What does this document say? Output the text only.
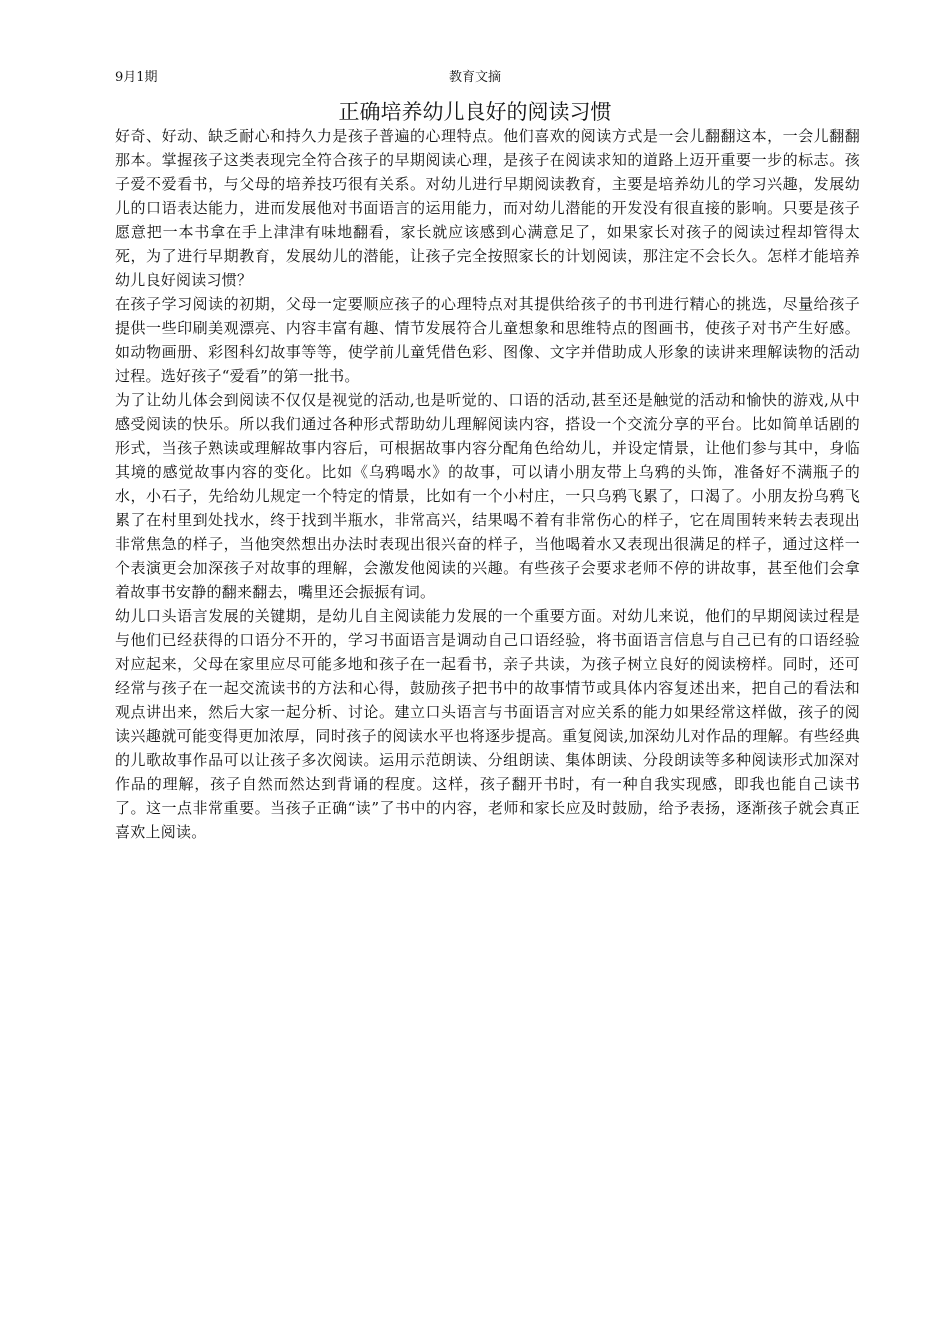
9月1期	教育文摘
正确培养幼儿良好的阅读习惯

好奇、好动、缺乏耐心和持久力是孩子普遍的心理特点。他们喜欢的阅读方式是一会儿翻翻这本，一会儿翻翻那本。掌握孩子这类表现完全符合孩子的早期阅读心理，是孩子在阅读求知的道路上迈开重要一步的标志。孩子爱不爱看书，与父母的培养技巧很有关系。对幼儿进行早期阅读教育，主要是培养幼儿的学习兴趣，发展幼儿的口语表达能力，进而发展他对书面语言的运用能力，而对幼儿潜能的开发没有很直接的影响。只要是孩子愿意把一本书拿在手上津津有味地翻看，家长就应该感到心满意足了，如果家长对孩子的阅读过程却管得太死，为了进行早期教育，发展幼儿的潜能，让孩子完全按照家长的计划阅读，那注定不会长久。怎样才能培养幼儿良好阅读习惯？

在孩子学习阅读的初期，父母一定要顺应孩子的心理特点对其提供给孩子的书刊进行精心的挑选，尽量给孩子提供一些印刷美观漂亮、内容丰富有趣、情节发展符合儿童想象和思维特点的图画书，使孩子对书产生好感。如动物画册、彩图科幻故事等等，使学前儿童凭借色彩、图像、文字并借助成人形象的读讲来理解读物的活动过程。选好孩子“爱看”的第一批书。

为了让幼儿体会到阅读不仅仅是视觉的活动,也是听觉的、口语的活动,甚至还是触觉的活动和愉快的游戏,从中感受阅读的快乐。所以我们通过各种形式帮助幼儿理解阅读内容，搭设一个交流分享的平台。比如简单话剧的形式，当孩子熟读或理解故事内容后，可根据故事内容分配角色给幼儿，并设定情景，让他们参与其中，身临其境的感觉故事内容的变化。比如《乌鸦喝水》的故事，可以请小朋友带上乌鸦的头饰，准备好不满瓶子的水，小石子，先给幼儿规定一个特定的情景，比如有一个小村庄，一只乌鸦飞累了，口渴了。小朋友扮乌鸦飞累了在村里到处找水，终于找到半瓶水，非常高兴，结果喝不着有非常伤心的样子，它在周围转来转去表现出非常焦急的样子，当他突然想出办法时表现出很兴奋的样子，当他喝着水又表现出很满足的样子，通过这样一个表演更会加深孩子对故事的理解，会激发他阅读的兴趣。有些孩子会要求老师不停的讲故事，甚至他们会拿着故事书安静的翻来翻去，嘴里还会振振有词。

幼儿口头语言发展的关键期，是幼儿自主阅读能力发展的一个重要方面。对幼儿来说，他们的早期阅读过程是与他们已经获得的口语分不开的，学习书面语言是调动自己口语经验，将书面语言信息与自己已有的口语经验对应起来，父母在家里应尽可能多地和孩子在一起看书，亲子共读，为孩子树立良好的阅读榜样。同时，还可经常与孩子在一起交流读书的方法和心得，鼓励孩子把书中的故事情节或具体内容复述出来，把自己的看法和观点讲出来，然后大家一起分析、讨论。建立口头语言与书面语言对应关系的能力如果经常这样做，孩子的阅读兴趣就可能变得更加浓厚，同时孩子的阅读水平也将逐步提高。重复阅读,加深幼儿对作品的理解。有些经典的儿歌故事作品可以让孩子多次阅读。运用示范朗读、分组朗读、集体朗读、分段朗读等多种阅读形式加深对作品的理解，孩子自然而然达到背诵的程度。这样，孩子翻开书时，有一种自我实现感，即我也能自己读书了。这一点非常重要。当孩子正确“读”了书中的内容，老师和家长应及时鼓励，给予表扬，逐渐孩子就会真正喜欢上阅读。
